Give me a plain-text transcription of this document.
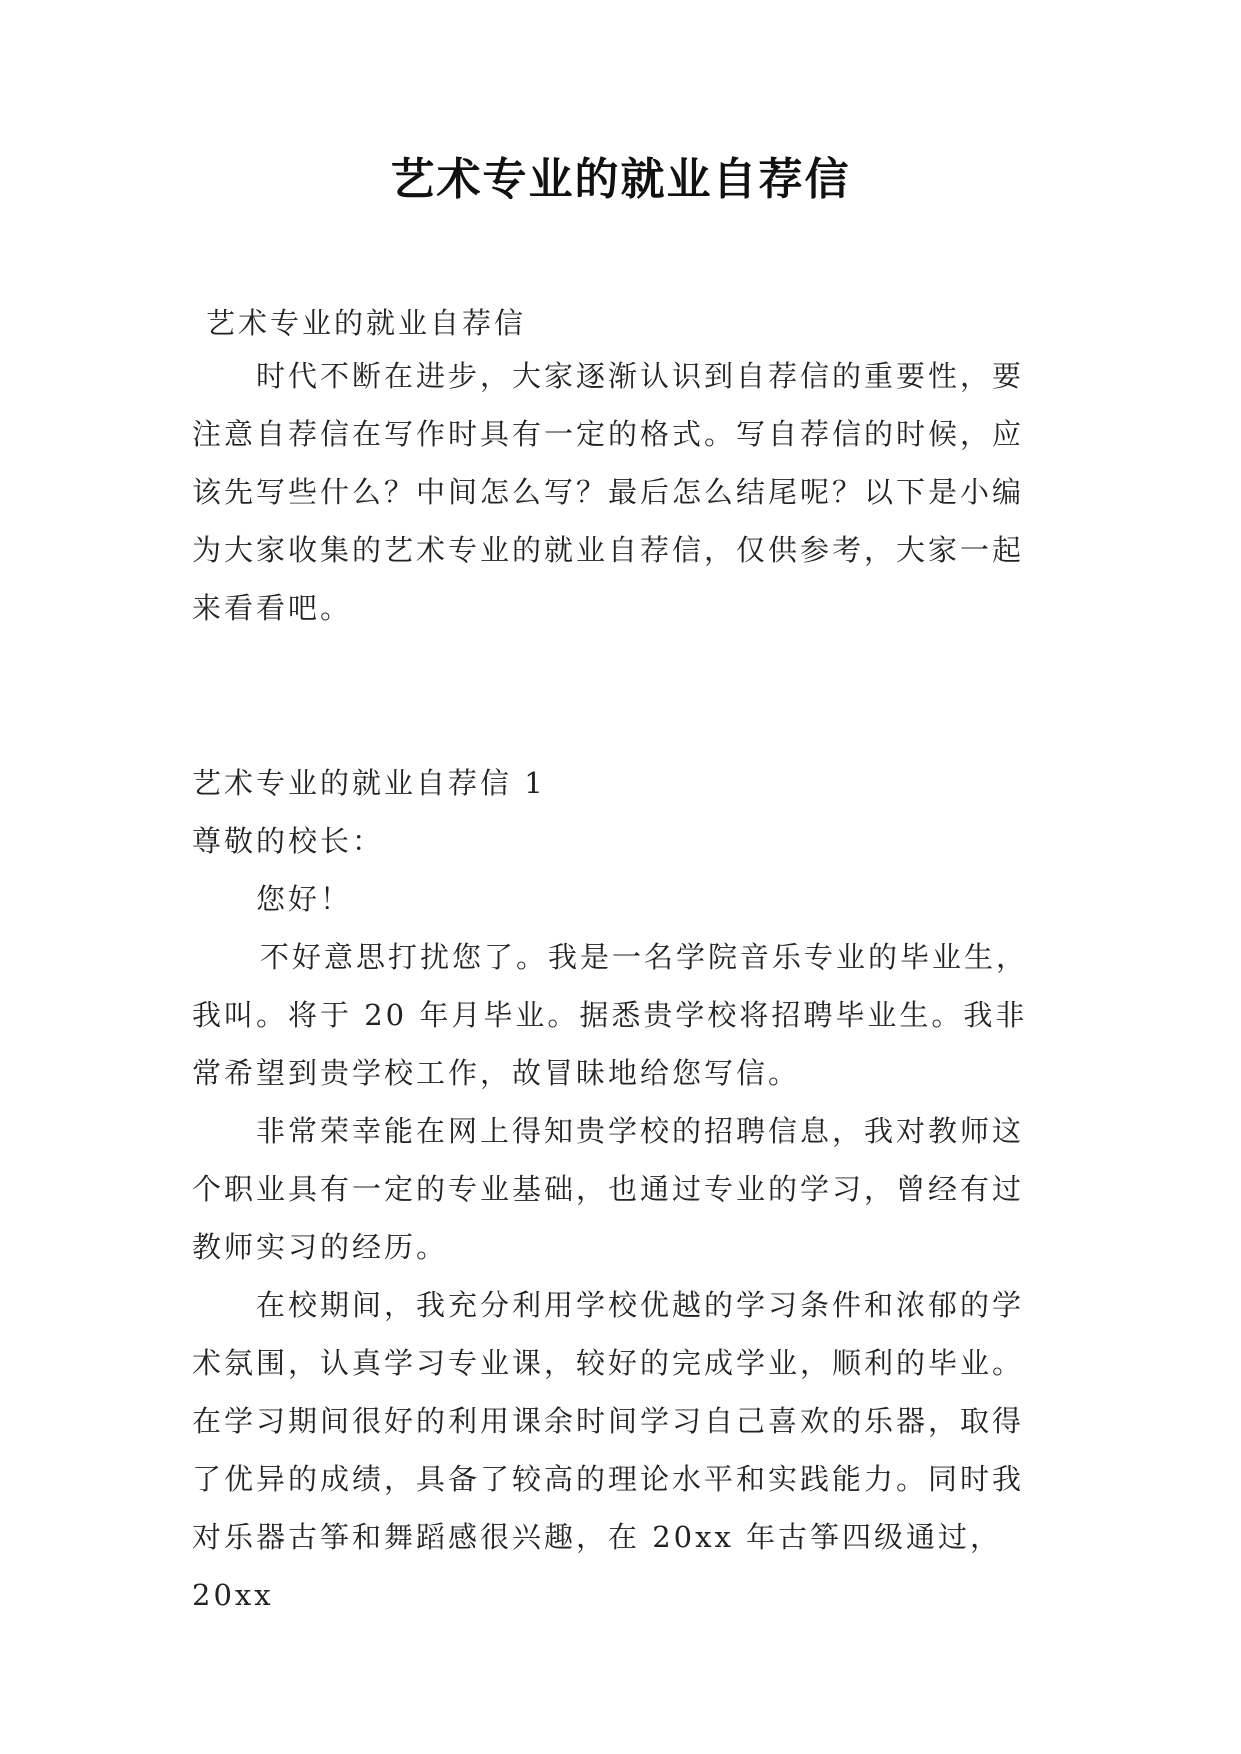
艺术专业的就业自荐信
艺术专业的就业自荐信

时代不断在进步，大家逐渐认识到自荐信的重要性，要注意自荐信在写作时具有一定的格式。写自荐信的时候，应该先写些什么？中间怎么写？最后怎么结尾呢？以下是小编为大家收集的艺术专业的就业自荐信，仅供参考，大家一起来看看吧。

艺术专业的就业自荐信 1

尊敬的校长：

您好！

不好意思打扰您了。我是一名学院音乐专业的毕业生，我叫。将于 20 年月毕业。据悉贵学校将招聘毕业生。我非常希望到贵学校工作，故冒昧地给您写信。

非常荣幸能在网上得知贵学校的招聘信息，我对教师这个职业具有一定的专业基础，也通过专业的学习，曾经有过教师实习的经历。

在校期间，我充分利用学校优越的学习条件和浓郁的学术氛围，认真学习专业课，较好的完成学业，顺利的毕业。在学习期间很好的利用课余时间学习自己喜欢的乐器，取得了优异的成绩，具备了较高的理论水平和实践能力。同时我对乐器古筝和舞蹈感很兴趣，在 20xx 年古筝四级通过，20xx
